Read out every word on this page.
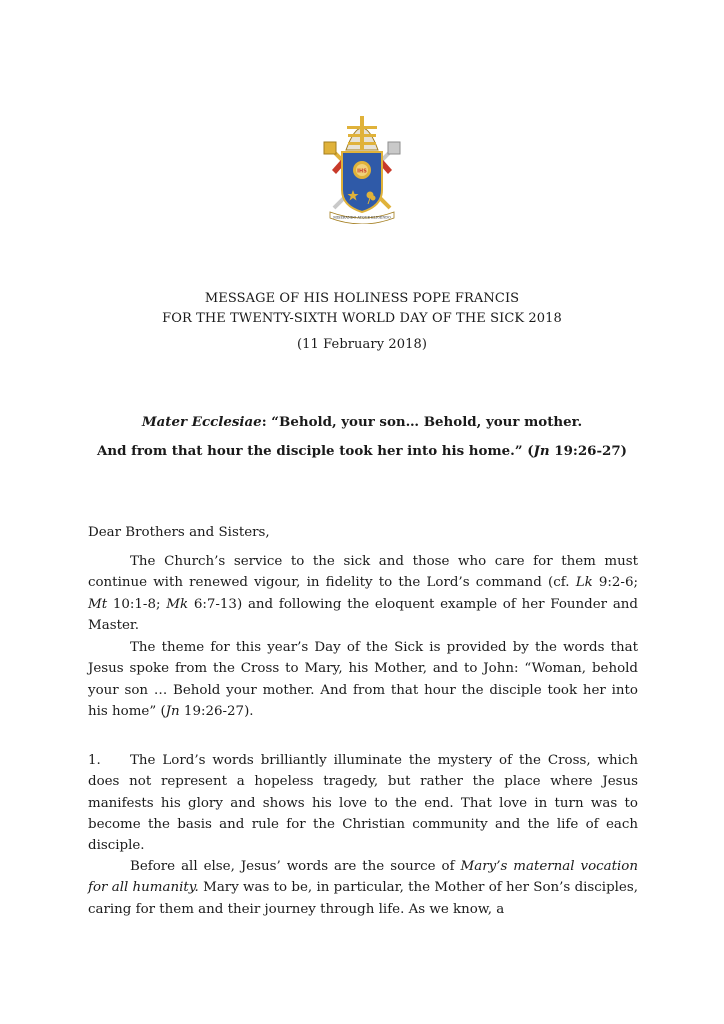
IHS
MISERANDO ATQUE ELIGENDO
MESSAGE OF HIS HOLINESS POPE FRANCIS
FOR THE TWENTY-SIXTH WORLD DAY OF THE SICK 2018
(11 February 2018)
Mater Ecclesiae: “Behold, your son… Behold, your mother.
And from that hour the disciple took her into his home.” (Jn 19:26-27)
Dear Brothers and Sisters,
The Church’s service to the sick and those who care for them must continue with renewed vigour, in fidelity to the Lord’s command (cf. Lk 9:2-6; Mt 10:1-8; Mk 6:7-13) and following the eloquent example of her Founder and Master.
The theme for this year’s Day of the Sick is provided by the words that Jesus spoke from the Cross to Mary, his Mother, and to John: “Woman, behold your son … Behold your mother. And from that hour the disciple took her into his home” (Jn 19:26-27).
1. The Lord’s words brilliantly illuminate the mystery of the Cross, which does not represent a hopeless tragedy, but rather the place where Jesus manifests his glory and shows his love to the end. That love in turn was to become the basis and rule for the Christian community and the life of each disciple.
Before all else, Jesus’ words are the source of Mary’s maternal vocation for all humanity. Mary was to be, in particular, the Mother of her Son’s disciples, caring for them and their journey through life. As we know, a
